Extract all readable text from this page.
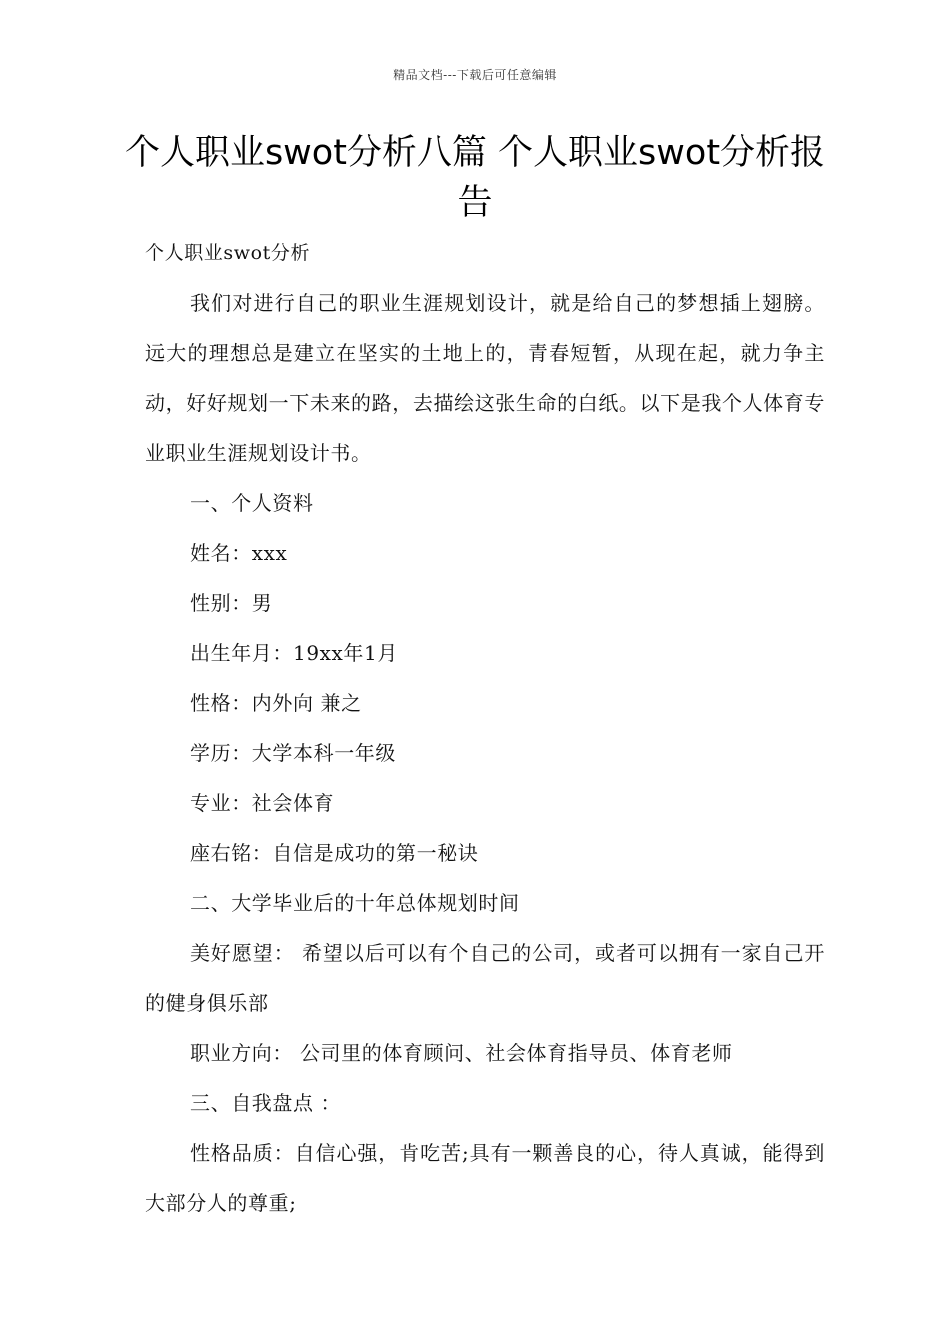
精品文档---下载后可任意编辑
个人职业swot分析八篇 个人职业swot分析报告

个人职业swot分析

我们对进行自己的职业生涯规划设计，就是给自己的梦想插上翅膀。远大的理想总是建立在坚实的土地上的，青春短暂，从现在起，就力争主动，好好规划一下未来的路，去描绘这张生命的白纸。以下是我个人体育专业职业生涯规划设计书。

一、个人资料

姓名：xxx

性别：男

出生年月：19xx年1月

性格：内外向 兼之

学历：大学本科一年级

专业：社会体育

座右铭：自信是成功的第一秘诀

二、大学毕业后的十年总体规划时间

美好愿望： 希望以后可以有个自己的公司，或者可以拥有一家自己开的健身俱乐部

职业方向： 公司里的体育顾问、社会体育指导员、体育老师

三、自我盘点 ：

性格品质：自信心强，肯吃苦;具有一颗善良的心，待人真诚，能得到大部分人的尊重;
